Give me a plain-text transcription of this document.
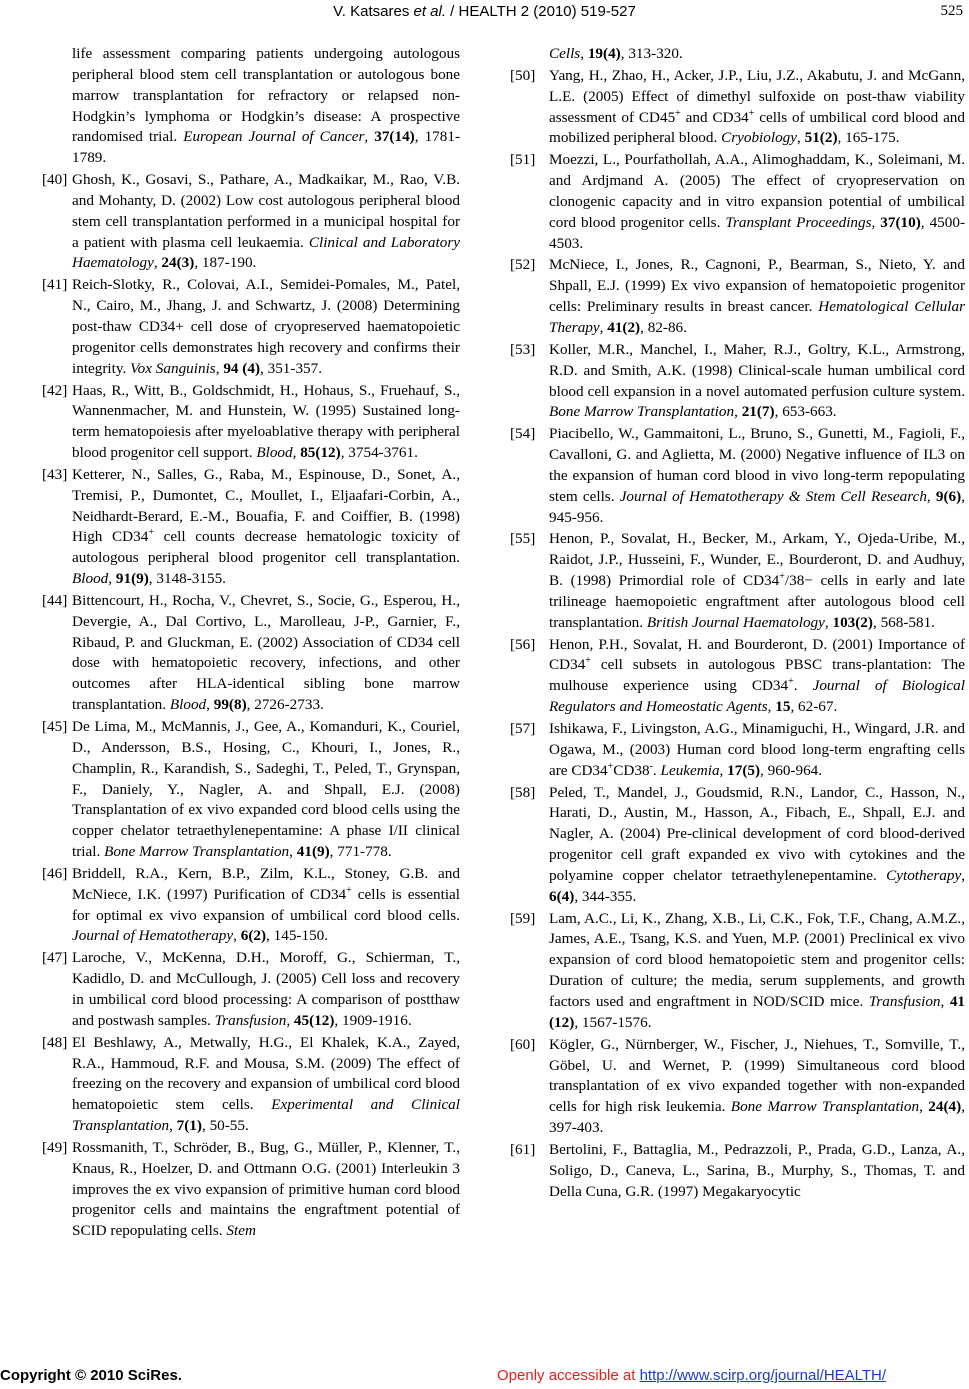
V. Katsares et al. / HEALTH 2 (2010) 519-527	525
life assessment comparing patients undergoing autologous peripheral blood stem cell transplantation or autologous bone marrow transplantation for refractory or relapsed non-Hodgkin’s lymphoma or Hodgkin’s disease: A prospective randomised trial. European Journal of Cancer, 37(14), 1781-1789.
[40] Ghosh, K., Gosavi, S., Pathare, A., Madkaikar, M., Rao, V.B. and Mohanty, D. (2002) Low cost autologous peripheral blood stem cell transplantation performed in a municipal hospital for a patient with plasma cell leukaemia. Clinical and Laboratory Haematology, 24(3), 187-190.
[41] Reich-Slotky, R., Colovai, A.I., Semidei-Pomales, M., Patel, N., Cairo, M., Jhang, J. and Schwartz, J. (2008) Determining post-thaw CD34+ cell dose of cryopreserved haematopoietic progenitor cells demonstrates high recovery and confirms their integrity. Vox Sanguinis, 94 (4), 351-357.
[42] Haas, R., Witt, B., Goldschmidt, H., Hohaus, S., Fruehauf, S., Wannenmacher, M. and Hunstein, W. (1995) Sustained long-term hematopoiesis after myeloablative therapy with peripheral blood progenitor cell support. Blood, 85(12), 3754-3761.
[43] Ketterer, N., Salles, G., Raba, M., Espinouse, D., Sonet, A., Tremisi, P., Dumontet, C., Moullet, I., Eljaafari-Corbin, A., Neidhardt-Berard, E.-M., Bouafia, F. and Coiffier, B. (1998) High CD34+ cell counts decrease hematologic toxicity of autologous peripheral blood progenitor cell transplantation. Blood, 91(9), 3148-3155.
[44] Bittencourt, H., Rocha, V., Chevret, S., Socie, G., Esperou, H., Devergie, A., Dal Cortivo, L., Marolleau, J-P., Garnier, F., Ribaud, P. and Gluckman, E. (2002) Association of CD34 cell dose with hematopoietic recovery, infections, and other outcomes after HLA-identical sibling bone marrow transplantation. Blood, 99(8), 2726-2733.
[45] De Lima, M., McMannis, J., Gee, A., Komanduri, K., Couriel, D., Andersson, B.S., Hosing, C., Khouri, I., Jones, R., Champlin, R., Karandish, S., Sadeghi, T., Peled, T., Grynspan, F., Daniely, Y., Nagler, A. and Shpall, E.J. (2008) Transplantation of ex vivo expanded cord blood cells using the copper chelator tetraethylenepentamine: A phase I/II clinical trial. Bone Marrow Transplantation, 41(9), 771-778.
[46] Briddell, R.A., Kern, B.P., Zilm, K.L., Stoney, G.B. and McNiece, I.K. (1997) Purification of CD34+ cells is essential for optimal ex vivo expansion of umbilical cord blood cells. Journal of Hematotherapy, 6(2), 145-150.
[47] Laroche, V., McKenna, D.H., Moroff, G., Schierman, T., Kadidlo, D. and McCullough, J. (2005) Cell loss and recovery in umbilical cord blood processing: A comparison of postthaw and postwash samples. Transfusion, 45(12), 1909-1916.
[48] El Beshlawy, A., Metwally, H.G., El Khalek, K.A., Zayed, R.A., Hammoud, R.F. and Mousa, S.M. (2009) The effect of freezing on the recovery and expansion of umbilical cord blood hematopoietic stem cells. Experimental and Clinical Transplantation, 7(1), 50-55.
[49] Rossmanith, T., Schröder, B., Bug, G., Müller, P., Klenner, T., Knaus, R., Hoelzer, D. and Ottmann O.G. (2001) Interleukin 3 improves the ex vivo expansion of primitive human cord blood progenitor cells and maintains the engraftment potential of SCID repopulating cells. Stem
Cells, 19(4), 313-320.
[50] Yang, H., Zhao, H., Acker, J.P., Liu, J.Z., Akabutu, J. and McGann, L.E. (2005) Effect of dimethyl sulfoxide on post-thaw viability assessment of CD45+ and CD34+ cells of umbilical cord blood and mobilized peripheral blood. Cryobiology, 51(2), 165-175.
[51] Moezzi, L., Pourfathollah, A.A., Alimoghaddam, K., Soleimani, M. and Ardjmand A. (2005) The effect of cryopreservation on clonogenic capacity and in vitro expansion potential of umbilical cord blood progenitor cells. Transplant Proceedings, 37(10), 4500-4503.
[52] McNiece, I., Jones, R., Cagnoni, P., Bearman, S., Nieto, Y. and Shpall, E.J. (1999) Ex vivo expansion of hematopoietic progenitor cells: Preliminary results in breast cancer. Hematological Cellular Therapy, 41(2), 82-86.
[53] Koller, M.R., Manchel, I., Maher, R.J., Goltry, K.L., Armstrong, R.D. and Smith, A.K. (1998) Clinical-scale human umbilical cord blood cell expansion in a novel automated perfusion culture system. Bone Marrow Transplantation, 21(7), 653-663.
[54] Piacibello, W., Gammaitoni, L., Bruno, S., Gunetti, M., Fagioli, F., Cavalloni, G. and Aglietta, M. (2000) Negative influence of IL3 on the expansion of human cord blood in vivo long-term repopulating stem cells. Journal of Hematotherapy & Stem Cell Research, 9(6), 945-956.
[55] Henon, P., Sovalat, H., Becker, M., Arkam, Y., Ojeda-Uribe, M., Raidot, J.P., Husseini, F., Wunder, E., Bourderont, D. and Audhuy, B. (1998) Primordial role of CD34+/38− cells in early and late trilineage haemopoietic engraftment after autologous blood cell transplantation. British Journal Haematology, 103(2), 568-581.
[56] Henon, P.H., Sovalat, H. and Bourderont, D. (2001) Importance of CD34+ cell subsets in autologous PBSC trans-plantation: The mulhouse experience using CD34+. Journal of Biological Regulators and Homeostatic Agents, 15, 62-67.
[57] Ishikawa, F., Livingston, A.G., Minamiguchi, H., Wingard, J.R. and Ogawa, M., (2003) Human cord blood long-term engrafting cells are CD34+CD38-. Leukemia, 17(5), 960-964.
[58] Peled, T., Mandel, J., Goudsmid, R.N., Landor, C., Hasson, N., Harati, D., Austin, M., Hasson, A., Fibach, E., Shpall, E.J. and Nagler, A. (2004) Pre-clinical development of cord blood-derived progenitor cell graft expanded ex vivo with cytokines and the polyamine copper chelator tetraethylenepentamine. Cytotherapy, 6(4), 344-355.
[59] Lam, A.C., Li, K., Zhang, X.B., Li, C.K., Fok, T.F., Chang, A.M.Z., James, A.E., Tsang, K.S. and Yuen, M.P. (2001) Preclinical ex vivo expansion of cord blood hematopoietic stem and progenitor cells: Duration of culture; the media, serum supplements, and growth factors used and engraftment in NOD/SCID mice. Transfusion, 41 (12), 1567-1576.
[60] Kögler, G., Nürnberger, W., Fischer, J., Niehues, T., Somville, T., Göbel, U. and Wernet, P. (1999) Simultaneous cord blood transplantation of ex vivo expanded together with non-expanded cells for high risk leukemia. Bone Marrow Transplantation, 24(4), 397-403.
[61] Bertolini, F., Battaglia, M., Pedrazzoli, P., Prada, G.D., Lanza, A., Soligo, D., Caneva, L., Sarina, B., Murphy, S., Thomas, T. and Della Cuna, G.R. (1997) Megakaryocytic
Copyright © 2010 SciRes.	Openly accessible at http://www.scirp.org/journal/HEALTH/
